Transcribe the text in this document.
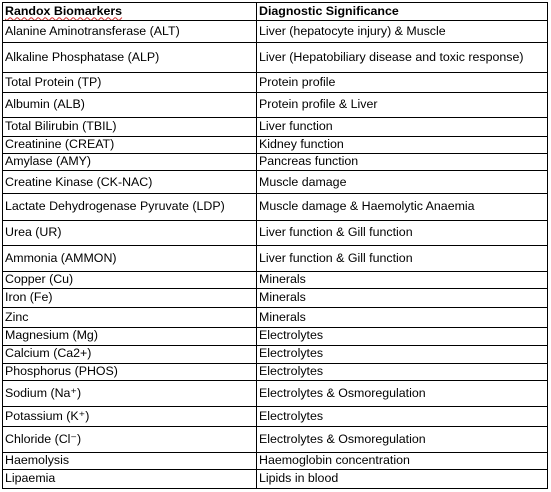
Randox Biomarkers	Diagnostic Significance
Alanine Aminotransferase (ALT)	Liver (hepatocyte injury) & Muscle
Alkaline Phosphatase (ALP)	Liver (Hepatobiliary disease and toxic response)
Total Protein (TP)	Protein profile
Albumin (ALB)	Protein profile & Liver
Total Bilirubin (TBIL)	Liver function
Creatinine (CREAT)	Kidney function
Amylase (AMY)	Pancreas function
Creatine Kinase (CK-NAC)	Muscle damage
Lactate Dehydrogenase Pyruvate (LDP)	Muscle damage & Haemolytic Anaemia
Urea (UR)	Liver function & Gill function
Ammonia (AMMON)	Liver function & Gill function
Copper (Cu)	Minerals
Iron (Fe)	Minerals
Zinc	Minerals
Magnesium (Mg)	Electrolytes
Calcium (Ca2+)	Electrolytes
Phosphorus (PHOS)	Electrolytes
Sodium (Na⁺)	Electrolytes & Osmoregulation
Potassium (K⁺)	Electrolytes
Chloride (Cl⁻)	Electrolytes & Osmoregulation
Haemolysis	Haemoglobin concentration
Lipaemia	Lipids in blood
